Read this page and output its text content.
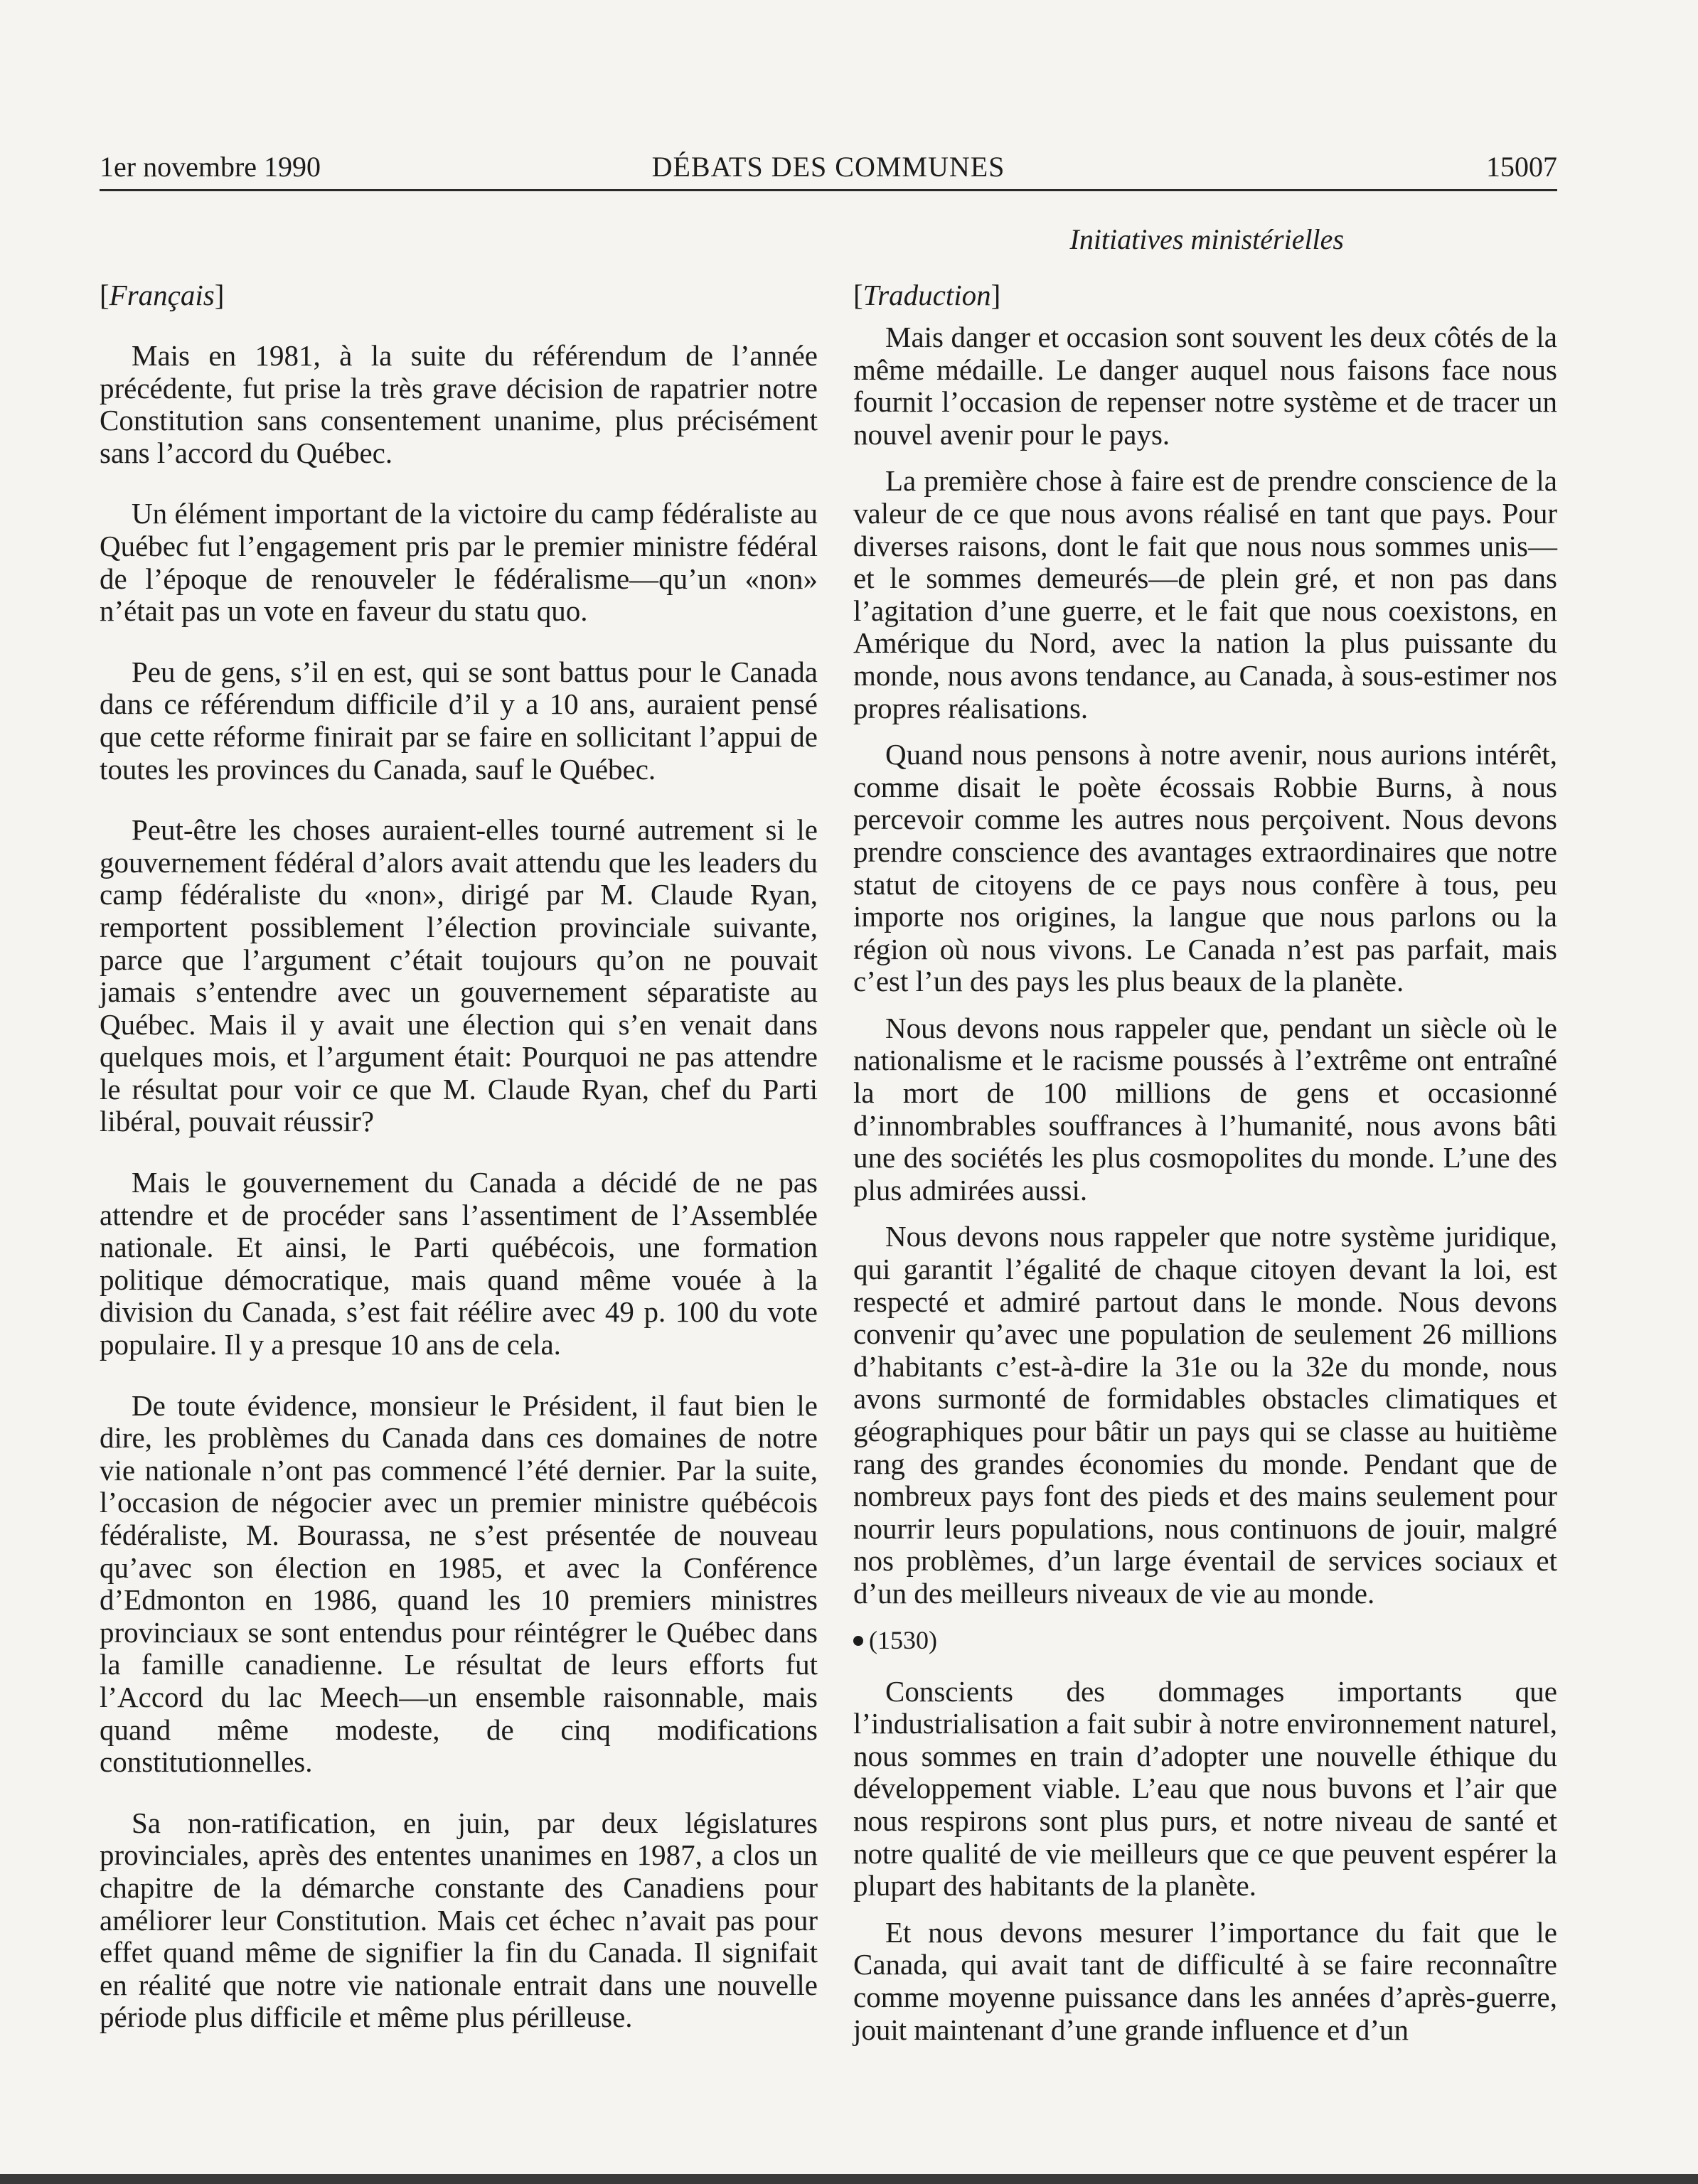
1er novembre 1990	DÉBATS DES COMMUNES	15007
Initiatives ministérielles
[Français]

Mais en 1981, à la suite du référendum de l’année précédente, fut prise la très grave décision de rapatrier notre Constitution sans consentement unanime, plus précisément sans l’accord du Québec.

Un élément important de la victoire du camp fédéraliste au Québec fut l’engagement pris par le premier ministre fédéral de l’époque de renouveler le fédéralisme—qu’un «non» n’était pas un vote en faveur du statu quo.

Peu de gens, s’il en est, qui se sont battus pour le Canada dans ce référendum difficile d’il y a 10 ans, auraient pensé que cette réforme finirait par se faire en sollicitant l’appui de toutes les provinces du Canada, sauf le Québec.

Peut-être les choses auraient-elles tourné autrement si le gouvernement fédéral d’alors avait attendu que les leaders du camp fédéraliste du «non», dirigé par M. Claude Ryan, remportent possiblement l’élection provinciale suivante, parce que l’argument c’était toujours qu’on ne pouvait jamais s’entendre avec un gouvernement séparatiste au Québec. Mais il y avait une élection qui s’en venait dans quelques mois, et l’argument était: Pourquoi ne pas attendre le résultat pour voir ce que M. Claude Ryan, chef du Parti libéral, pouvait réussir?

Mais le gouvernement du Canada a décidé de ne pas attendre et de procéder sans l’assentiment de l’Assemblée nationale. Et ainsi, le Parti québécois, une formation politique démocratique, mais quand même vouée à la division du Canada, s’est fait réélire avec 49 p. 100 du vote populaire. Il y a presque 10 ans de cela.

De toute évidence, monsieur le Président, il faut bien le dire, les problèmes du Canada dans ces domaines de notre vie nationale n’ont pas commencé l’été dernier. Par la suite, l’occasion de négocier avec un premier ministre québécois fédéraliste, M. Bourassa, ne s’est présentée de nouveau qu’avec son élection en 1985, et avec la Conférence d’Edmonton en 1986, quand les 10 premiers ministres provinciaux se sont entendus pour réintégrer le Québec dans la famille canadienne. Le résultat de leurs efforts fut l’Accord du lac Meech—un ensemble raisonnable, mais quand même modeste, de cinq modifications constitutionnelles.

Sa non-ratification, en juin, par deux législatures provinciales, après des ententes unanimes en 1987, a clos un chapitre de la démarche constante des Canadiens pour améliorer leur Constitution. Mais cet échec n’avait pas pour effet quand même de signifier la fin du Canada. Il signifait en réalité que notre vie nationale entrait dans une nouvelle période plus difficile et même plus périlleuse.

[Traduction]

Mais danger et occasion sont souvent les deux côtés de la même médaille. Le danger auquel nous faisons face nous fournit l’occasion de repenser notre système et de tracer un nouvel avenir pour le pays.

La première chose à faire est de prendre conscience de la valeur de ce que nous avons réalisé en tant que pays. Pour diverses raisons, dont le fait que nous nous sommes unis—et le sommes demeurés—de plein gré, et non pas dans l’agitation d’une guerre, et le fait que nous coexistons, en Amérique du Nord, avec la nation la plus puissante du monde, nous avons tendance, au Canada, à sous-estimer nos propres réalisations.

Quand nous pensons à notre avenir, nous aurions intérêt, comme disait le poète écossais Robbie Burns, à nous percevoir comme les autres nous perçoivent. Nous devons prendre conscience des avantages extraordinaires que notre statut de citoyens de ce pays nous confère à tous, peu importe nos origines, la langue que nous parlons ou la région où nous vivons. Le Canada n’est pas parfait, mais c’est l’un des pays les plus beaux de la planète.

Nous devons nous rappeler que, pendant un siècle où le nationalisme et le racisme poussés à l’extrême ont entraîné la mort de 100 millions de gens et occasionné d’innombrables souffrances à l’humanité, nous avons bâti une des sociétés les plus cosmopolites du monde. L’une des plus admirées aussi.

Nous devons nous rappeler que notre système juridique, qui garantit l’égalité de chaque citoyen devant la loi, est respecté et admiré partout dans le monde. Nous devons convenir qu’avec une population de seulement 26 millions d’habitants c’est-à-dire la 31e ou la 32e du monde, nous avons surmonté de formidables obstacles climatiques et géographiques pour bâtir un pays qui se classe au huitième rang des grandes économies du monde. Pendant que de nombreux pays font des pieds et des mains seulement pour nourrir leurs populations, nous continuons de jouir, malgré nos problèmes, d’un large éventail de services sociaux et d’un des meilleurs niveaux de vie au monde.

(1530)

Conscients des dommages importants que l’industrialisation a fait subir à notre environnement naturel, nous sommes en train d’adopter une nouvelle éthique du développement viable. L’eau que nous buvons et l’air que nous respirons sont plus purs, et notre niveau de santé et notre qualité de vie meilleurs que ce que peuvent espérer la plupart des habitants de la planète.

Et nous devons mesurer l’importance du fait que le Canada, qui avait tant de difficulté à se faire reconnaître comme moyenne puissance dans les années d’après-guerre, jouit maintenant d’une grande influence et d’un
